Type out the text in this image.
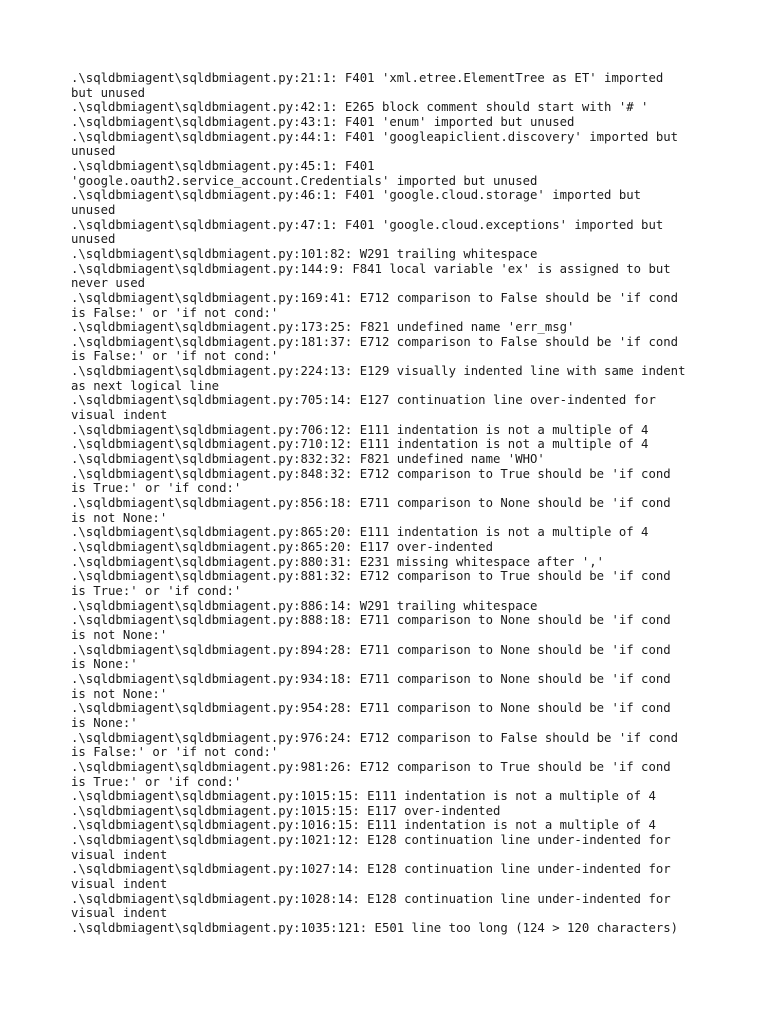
.\sqldbmiagent\sqldbmiagent.py:21:1: F401 'xml.etree.ElementTree as ET' imported
but unused
.\sqldbmiagent\sqldbmiagent.py:42:1: E265 block comment should start with '# '
.\sqldbmiagent\sqldbmiagent.py:43:1: F401 'enum' imported but unused
.\sqldbmiagent\sqldbmiagent.py:44:1: F401 'googleapiclient.discovery' imported but
unused
.\sqldbmiagent\sqldbmiagent.py:45:1: F401
'google.oauth2.service_account.Credentials' imported but unused
.\sqldbmiagent\sqldbmiagent.py:46:1: F401 'google.cloud.storage' imported but
unused
.\sqldbmiagent\sqldbmiagent.py:47:1: F401 'google.cloud.exceptions' imported but
unused
.\sqldbmiagent\sqldbmiagent.py:101:82: W291 trailing whitespace
.\sqldbmiagent\sqldbmiagent.py:144:9: F841 local variable 'ex' is assigned to but
never used
.\sqldbmiagent\sqldbmiagent.py:169:41: E712 comparison to False should be 'if cond
is False:' or 'if not cond:'
.\sqldbmiagent\sqldbmiagent.py:173:25: F821 undefined name 'err_msg'
.\sqldbmiagent\sqldbmiagent.py:181:37: E712 comparison to False should be 'if cond
is False:' or 'if not cond:'
.\sqldbmiagent\sqldbmiagent.py:224:13: E129 visually indented line with same indent
as next logical line
.\sqldbmiagent\sqldbmiagent.py:705:14: E127 continuation line over-indented for
visual indent
.\sqldbmiagent\sqldbmiagent.py:706:12: E111 indentation is not a multiple of 4
.\sqldbmiagent\sqldbmiagent.py:710:12: E111 indentation is not a multiple of 4
.\sqldbmiagent\sqldbmiagent.py:832:32: F821 undefined name 'WHO'
.\sqldbmiagent\sqldbmiagent.py:848:32: E712 comparison to True should be 'if cond
is True:' or 'if cond:'
.\sqldbmiagent\sqldbmiagent.py:856:18: E711 comparison to None should be 'if cond
is not None:'
.\sqldbmiagent\sqldbmiagent.py:865:20: E111 indentation is not a multiple of 4
.\sqldbmiagent\sqldbmiagent.py:865:20: E117 over-indented
.\sqldbmiagent\sqldbmiagent.py:880:31: E231 missing whitespace after ','
.\sqldbmiagent\sqldbmiagent.py:881:32: E712 comparison to True should be 'if cond
is True:' or 'if cond:'
.\sqldbmiagent\sqldbmiagent.py:886:14: W291 trailing whitespace
.\sqldbmiagent\sqldbmiagent.py:888:18: E711 comparison to None should be 'if cond
is not None:'
.\sqldbmiagent\sqldbmiagent.py:894:28: E711 comparison to None should be 'if cond
is None:'
.\sqldbmiagent\sqldbmiagent.py:934:18: E711 comparison to None should be 'if cond
is not None:'
.\sqldbmiagent\sqldbmiagent.py:954:28: E711 comparison to None should be 'if cond
is None:'
.\sqldbmiagent\sqldbmiagent.py:976:24: E712 comparison to False should be 'if cond
is False:' or 'if not cond:'
.\sqldbmiagent\sqldbmiagent.py:981:26: E712 comparison to True should be 'if cond
is True:' or 'if cond:'
.\sqldbmiagent\sqldbmiagent.py:1015:15: E111 indentation is not a multiple of 4
.\sqldbmiagent\sqldbmiagent.py:1015:15: E117 over-indented
.\sqldbmiagent\sqldbmiagent.py:1016:15: E111 indentation is not a multiple of 4
.\sqldbmiagent\sqldbmiagent.py:1021:12: E128 continuation line under-indented for
visual indent
.\sqldbmiagent\sqldbmiagent.py:1027:14: E128 continuation line under-indented for
visual indent
.\sqldbmiagent\sqldbmiagent.py:1028:14: E128 continuation line under-indented for
visual indent
.\sqldbmiagent\sqldbmiagent.py:1035:121: E501 line too long (124 > 120 characters)
